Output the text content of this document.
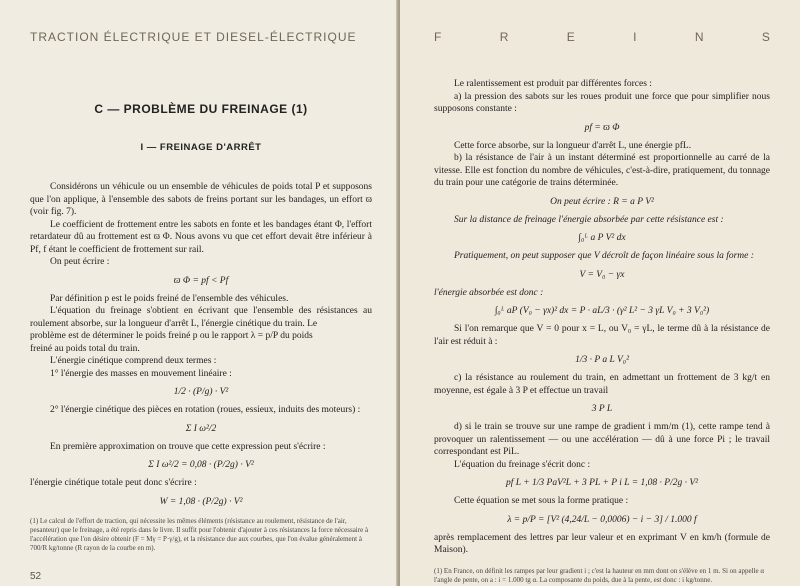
TRACTION ÉLECTRIQUE ET DIESEL-ÉLECTRIQUE
C — PROBLÈME DU FREINAGE (1)
I — FREINAGE D'ARRÊT

Considérons un véhicule ou un ensemble de véhicules de poids total P et supposons que l'on applique, à l'ensemble des sabots de freins portant sur les bandages, un effort ϖ (voir fig. 7).

Le coefficient de frottement entre les sabots en fonte et les bandages étant Φ, l'effort retardateur dû au frottement est ϖ Φ. Nous avons vu que cet effort devait être inférieur à Pf, f étant le coefficient de frottement sur rail.

On peut écrire :

ϖ Φ = pf < Pf

Par définition p est le poids freiné de l'ensemble des véhicules.

L'équation du freinage s'obtient en écrivant que l'ensemble des résistances au roulement absorbe, sur la longueur d'arrêt L, l'énergie cinétique du train. Le

problème est de déterminer le poids freiné p ou le rapport λ = p/P du poids

freiné au poids total du train.

L'énergie cinétique comprend deux termes :

1° l'énergie des masses en mouvement linéaire :

1/2 · (P/g) · V²

2° l'énergie cinétique des pièces en rotation (roues, essieux, induits des moteurs) :

Σ I ω²/2

En première approximation on trouve que cette expression peut s'écrire :

Σ I ω²/2 = 0,08 · (P/2g) · V²

l'énergie cinétique totale peut donc s'écrire :

W = 1,08 · (P/2g) · V²
(1) Le calcul de l'effort de traction, qui nécessite les mêmes éléments (résistance au roulement, résistance de l'air, pesanteur) que le freinage, a été repris dans le livre. Il suffit pour l'obtenir d'ajouter à ces résistances la force nécessaire à l'accélération que l'on désire obtenir (F = Mγ = P·γ/g), et la résistance due aux courbes, que l'on évalue généralement à 700/R kg/tonne (R rayon de la courbe en m).
52
F	R	E	I	N	S

Le ralentissement est produit par différentes forces :

a) la pression des sabots sur les roues produit une force que pour simplifier nous supposons constante :

pf = ϖ Φ

Cette force absorbe, sur la longueur d'arrêt L, une énergie pfL.

b) la résistance de l'air à un instant déterminé est proportionnelle au carré de la vitesse. Elle est fonction du nombre de véhicules, c'est-à-dire, pratiquement, du tonnage du train pour une catégorie de trains déterminée.

On peut écrire : R = a P V²

Sur la distance de freinage l'énergie absorbée par cette résistance est :

∫₀ᴸ a P V² dx

Pratiquement, on peut supposer que V décroît de façon linéaire sous la forme :

V = V₀ − γx

l'énergie absorbée est donc :

∫₀ᴸ aP (V₀ − γx)² dx = P · aL/3 · (γ² L² − 3 γL V₀ + 3 V₀²)

Si l'on remarque que V = 0 pour x = L, ou V₀ = γL, le terme dû à la résistance de l'air est réduit à :

1/3 · P a L V₀²

c) la résistance au roulement du train, en admettant un frottement de 3 kg/t en moyenne, est égale à 3 P et effectue un travail

3 P L

d) si le train se trouve sur une rampe de gradient i mm/m (1), cette rampe tend à provoquer un ralentissement — ou une accélération — dû à une force Pi ; le travail correspondant est PiL.

L'équation du freinage s'écrit donc :

pf L + 1/3 PaV²L + 3 PL + P i L = 1,08 · P/2g · V²

Cette équation se met sous la forme pratique :

λ = p/P = [V² (4,24/L − 0,0006) − i − 3] / 1.000 f

après remplacement des lettres par leur valeur et en exprimant V en km/h (formule de Maison).

(1) En France, on définit les rampes par leur gradient i ; c'est la hauteur en mm dont on s'élève en 1 m. Si on appelle α l'angle de pente, on a : i = 1.000 tg α. La composante du poids, due à la pente, est donc : i kg/tonne.
